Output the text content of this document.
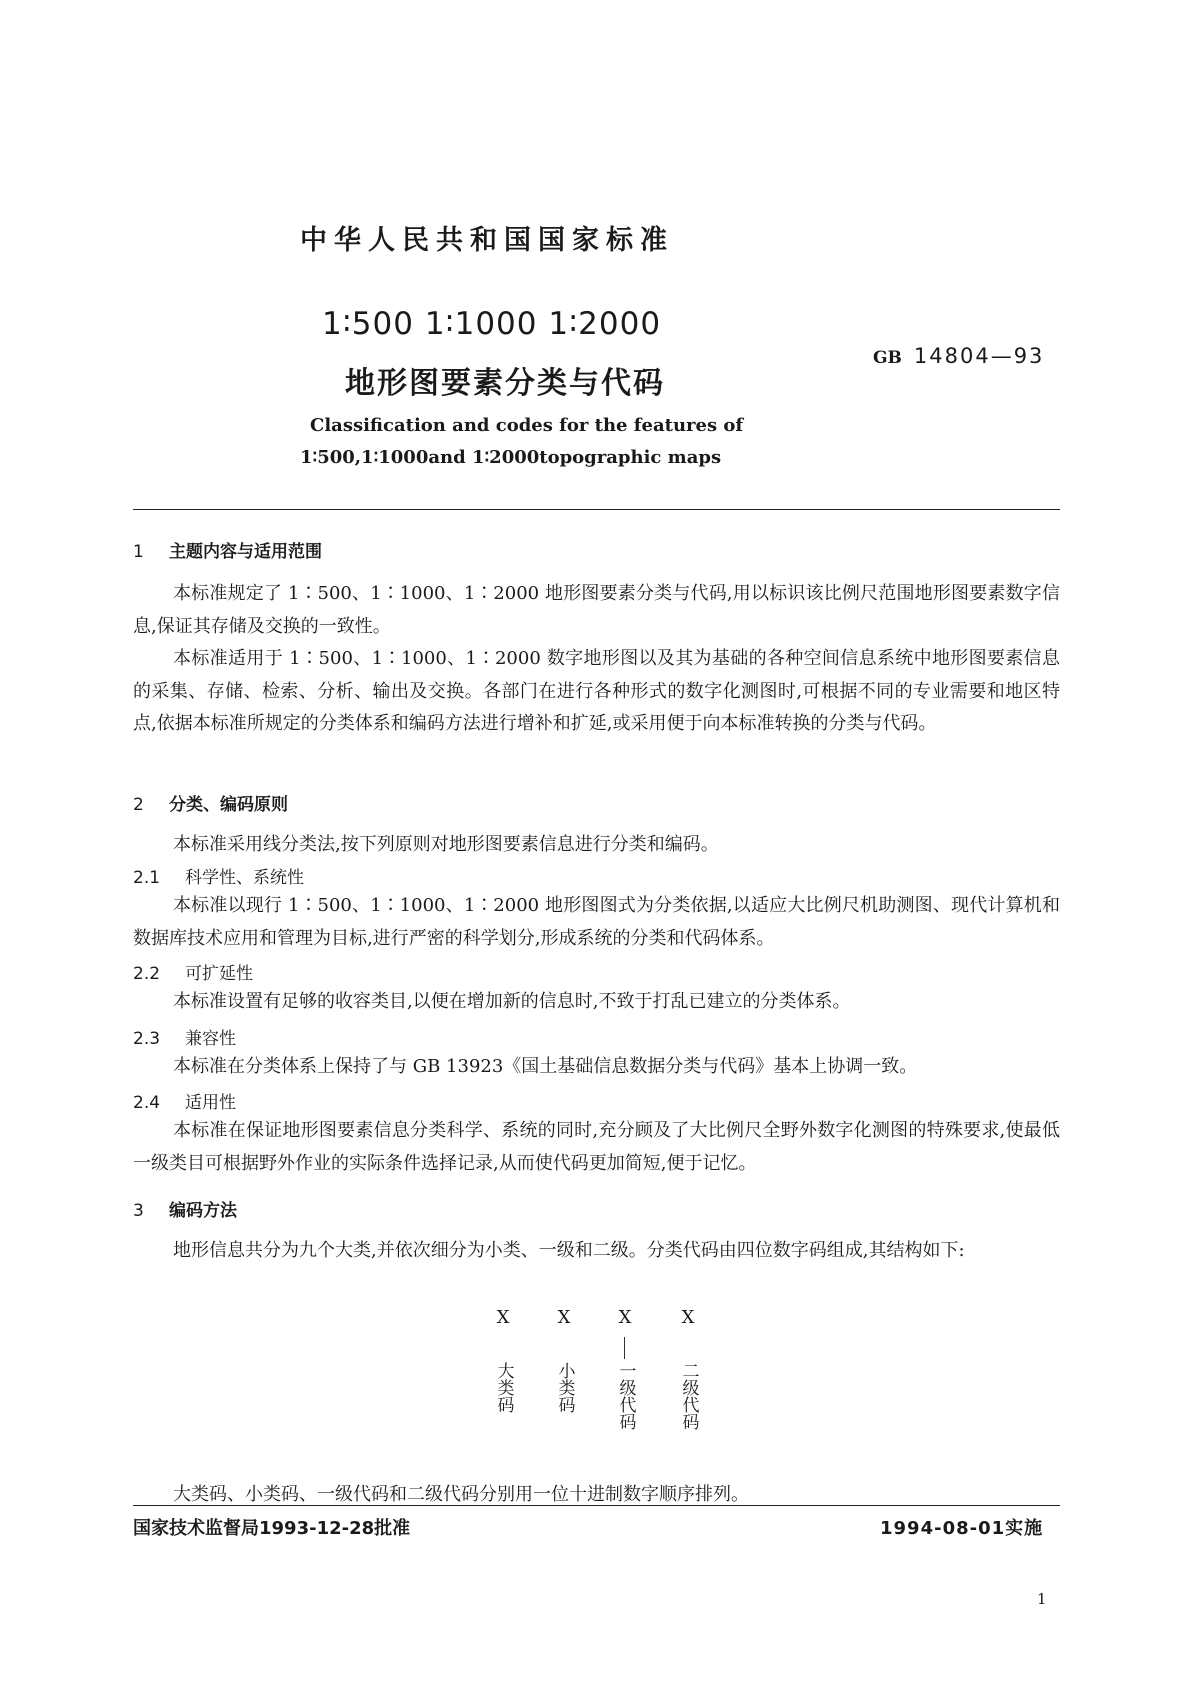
中华人民共和国国家标准
1∶500 1∶1000 1∶2000
地形图要素分类与代码
GB 14804—93
Classification and codes for the features of
1∶500,1∶1000and 1∶2000topographic maps
1 主题内容与适用范围
本标准规定了 1∶500、1∶1000、1∶2000 地形图要素分类与代码,用以标识该比例尺范围地形图要素数字信息,保证其存储及交换的一致性。
本标准适用于 1∶500、1∶1000、1∶2000 数字地形图以及其为基础的各种空间信息系统中地形图要素信息的采集、存储、检索、分析、输出及交换。各部门在进行各种形式的数字化测图时,可根据不同的专业需要和地区特点,依据本标准所规定的分类体系和编码方法进行增补和扩延,或采用便于向本标准转换的分类与代码。
2 分类、编码原则
本标准采用线分类法,按下列原则对地形图要素信息进行分类和编码。
2.1 科学性、系统性
本标准以现行 1∶500、1∶1000、1∶2000 地形图图式为分类依据,以适应大比例尺机助测图、现代计算机和数据库技术应用和管理为目标,进行严密的科学划分,形成系统的分类和代码体系。
2.2 可扩延性
本标准设置有足够的收容类目,以便在增加新的信息时,不致于打乱已建立的分类体系。
2.3 兼容性
本标准在分类体系上保持了与 GB 13923《国土基础信息数据分类与代码》基本上协调一致。
2.4 适用性
本标准在保证地形图要素信息分类科学、系统的同时,充分顾及了大比例尺全野外数字化测图的特殊要求,使最低一级类目可根据野外作业的实际条件选择记录,从而使代码更加简短,便于记忆。
3 编码方法
地形信息共分为九个大类,并依次细分为小类、一级和二级。分类代码由四位数字码组成,其结构如下:
X
大类码
X
小类码
X
一级代码
X
二级代码
大类码、小类码、一级代码和二级代码分别用一位十进制数字顺序排列。
国家技术监督局1993-12-28批准	1994-08-01实施
1
